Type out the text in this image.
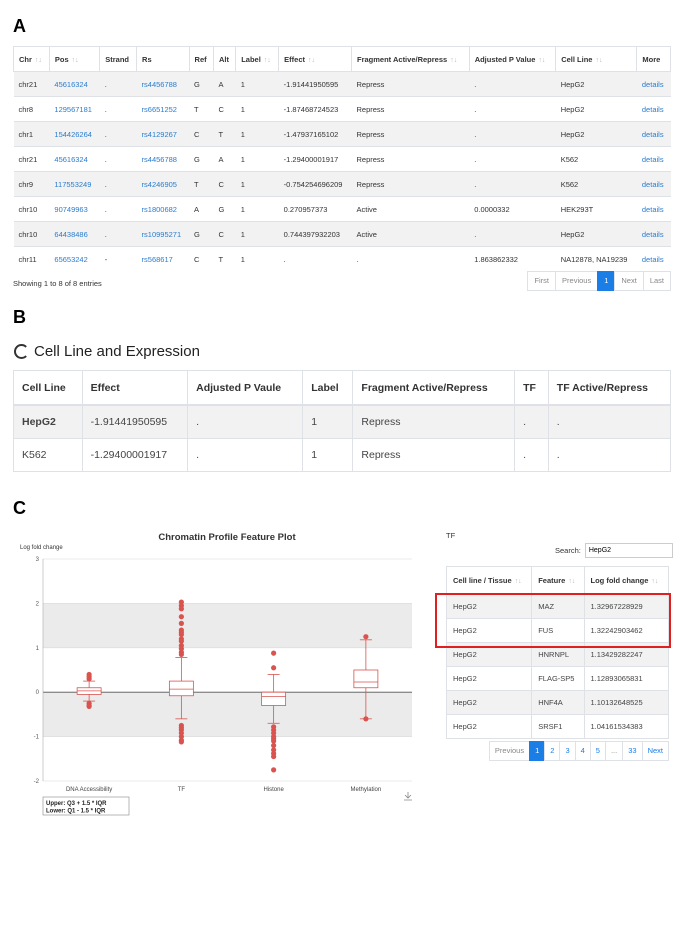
A
Chr ↑↓	Pos ↑↓	Strand	Rs	Ref	Alt	Label ↑↓	Effect ↑↓	Fragment Active/Repress ↑↓	Adjusted P Value ↑↓	Cell Line ↑↓	More
chr21	45616324	.	rs4456788	G	A	1	-1.91441950595	Repress	.	HepG2	details
chr8	129567181	.	rs6651252	T	C	1	-1.87468724523	Repress	.	HepG2	details
chr1	154426264	.	rs4129267	C	T	1	-1.47937165102	Repress	.	HepG2	details
chr21	45616324	.	rs4456788	G	A	1	-1.29400001917	Repress	.	K562	details
chr9	117553249	.	rs4246905	T	C	1	-0.754254696209	Repress	.	K562	details
chr10	90749963	.	rs1800682	A	G	1	0.270957373	Active	0.0000332	HEK293T	details
chr10	64438486	.	rs10995271	G	C	1	0.744397932203	Active	.	HepG2	details
chr11	65653242	-	rs568617	C	T	1	.	.	1.863862332	NA12878, NA19239	details
Showing 1 to 8 of 8 entries	First	Previous	1	Next	Last
B
Cell Line and Expression
Cell Line	Effect	Adjusted P Vaule	Label	Fragment Active/Repress	TF	TF Active/Repress
HepG2	-1.91441950595	.	1	Repress	.	.
K562	-1.29400001917	.	1	Repress	.	.
C
Chromatin Profile Feature Plot
Log fold change
3
2
1
0
-1
-2
DNA Accessibility	TF	Histone	Methylation
Upper: Q3 + 1.5 * IQR
Lower: Q1 - 1.5 * IQR
TF
Search:
HepG2
Cell line / Tissue ↑↓	Feature ↑↓	Log fold change ↑↓
HepG2	MAZ	1.32967228929
HepG2	FUS	1.32242903462
HepG2	HNRNPL	1.13429282247
HepG2	FLAG-SP5	1.12893065831
HepG2	HNF4A	1.10132648525
HepG2	SRSF1	1.04161534383
Previous	1	2	3	4	5	...	33	Next
